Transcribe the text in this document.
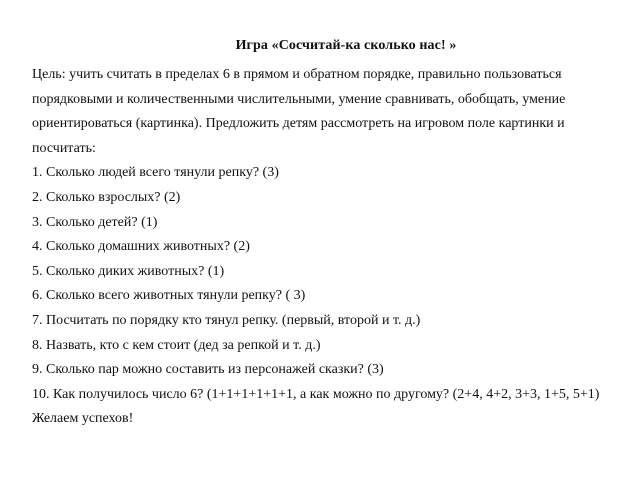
Игра «Сосчитай-ка сколько нас! »
Цель: учить считать в пределах 6 в прямом и обратном порядке, правильно пользоваться
порядковыми и количественными числительными, умение сравнивать, обобщать, умение
ориентироваться (картинка). Предложить детям рассмотреть на игровом поле картинки и
посчитать:
1. Сколько людей всего тянули репку? (3)
2. Сколько взрослых? (2)
3. Сколько детей? (1)
4. Сколько домашних животных? (2)
5. Сколько диких животных? (1)
6. Сколько всего животных тянули репку? ( 3)
7. Посчитать по порядку кто тянул репку. (первый, второй и т. д.)
8. Назвать, кто с кем стоит (дед за репкой и т. д.)
9. Сколько пар можно составить из персонажей сказки? (3)
10. Как получилось число 6? (1+1+1+1+1+1, а как можно по другому? (2+4, 4+2, 3+3, 1+5, 5+1)
Желаем успехов!
